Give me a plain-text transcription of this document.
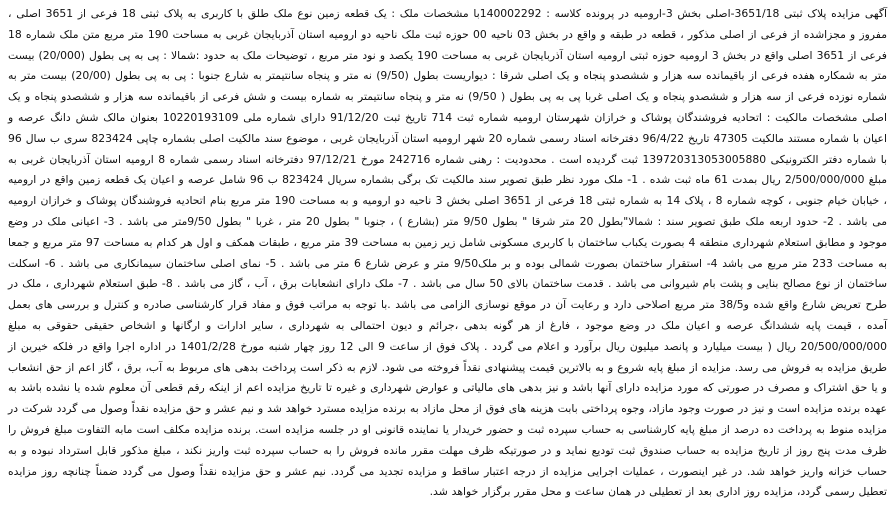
آگهی مزایده پلاک ثبتی 3651/18-اصلی بخش 3-ارومیه در پرونده کلاسه : 140002292با مشخصات ملک : یک قطعه زمین نوع ملک طلق با کاربری به پلاک ثبتی 18 فرعی از 3651 اصلی ، مفروز و مجزاشده از فرعی از اصلی مذکور ، قطعه در طبقه و واقع در بخش 03 ناحیه 00 حوزه ثبت ملک ناحیه دو ارومیه استان آذربایجان غربی به مساحت 190 متر مربع متن ملک شماره 18 فرعی از 3651 اصلی واقع در بخش 3 ارومیه حوزه ثبتی ارومیه استان آذربایجان غربی به مساحت 190 یکصد و نود متر مربع ، توضیحات ملک به حدود :شمالا : پی به پی بطول (20/000) بیست متر به شمکاره هفده فرعی از باقیمانده سه هزار و ششصدو پنجاه و یک اصلی شرقا : دیواریست بطول (9/50) نه متر و پنجاه سانتیمتر به شارع جنوبا : پی به پی بطول (20/00) بیست متر به شماره نوزده فرعی از سه هزار و ششصدو پنجاه و یک اصلی غربا پی به پی بطول ( 9/50) نه متر و پنجاه سانتیمتر به شماره بیست و شش فرعی از باقیمانده سه هزار و ششصدو پنجاه و یک اصلی مشخصات مالکیت : اتحادیه فروشندگان پوشاک و خرازان شهرستان ارومیه شماره ثبت 714 تاریخ ثبت 91/12/20 دارای شماره ملی 10220193109 بعنوان مالک شش دانگ عرصه و اعیان با شماره مستند مالکیت 47305 تاریخ 96/4/22 دفترخانه اسناد رسمی شماره 20 شهر ارومیه استان آذربایجان غربی ، موضوع سند مالکیت اصلی بشماره چاپی 823424 سری ب سال 96 با شماره دفتر الکترونیکی 139720313053005880 ثبت گردیده است . محدودیت : رهنی شماره 242716 مورخ 97/12/21 دفترخانه اسناد رسمی شماره 8 ارومیه استان آذربایجان غربی به مبلغ 2/500/000/000 ریال بمدت 61 ماه ثبت شده . 1- ملک مورد نظر طبق تصویر سند مالکیت تک برگی بشماره سریال 823424 ب 96 شامل عرصه و اعیان یک قطعه زمین واقع در ارومیه ، خیابان خیام جنوبی ، کوچه شماره 8 ، پلاک 14 به شماره ثبتی 18 فرعی از 3651 اصلی بخش 3 ناحیه دو ارومیه و به مساحت 190 متر مربع بنام اتحادیه فروشندگان پوشاک و خرازان ارومیه می باشد . 2- حدود اربعه ملک طبق تصویر سند : شمالا"بطول 20 متر شرقا " بطول 9/50 متر (بشارع ) ، جنوبا " بطول 20 متر ، غربا " بطول 9/50متر می باشد . 3- اعیانی ملک در وضع موجود و مطابق استعلام شهرداری منطقه 4 بصورت یکباب ساختمان با کاربری مسکونی شامل زیر زمین به مساحت 39 متر مربع ، طبقات همکف و اول هر کدام به مساحت 97 متر مربع و جمعا به مساحت 233 متر مربع می باشد 4- استقرار ساختمان بصورت شمالی بوده و بر ملک9/50 متر و عرض شارع 6 متر می باشد . 5- نمای اصلی ساختمان سیمانکاری می باشد . 6- اسکلت ساختمان از نوع مصالح بنایی و پشت بام شیروانی می باشد . قدمت ساختمان بالای 50 سال می باشد . 7- ملک دارای انشعابات برق ، آب ، گاز می باشد . 8- طبق استعلام شهرداری ، ملک در طرح تعریض شارع واقع شده و38/5 متر مربع اصلاحی دارد و رعایت آن در موقع نوسازی الزامی می باشد .با توجه به مراتب فوق و مفاد قرار کارشناسی صادره و کنترل و بررسی های بعمل آمده ، قیمت پایه ششدانگ عرصه و اعیان ملک در وضع موجود ، فارغ از هر گونه بدهی ،جرائم و دیون احتمالی به شهرداری ، سایر ادارات و ارگانها و اشخاص حقیقی حقوقی به مبلغ 20/500/000/000 ریال ( بیست میلیارد و پانصد میلیون ریال برآورد و اعلام می گردد . پلاک فوق از ساعت 9 الی 12 روز چهار شنبه مورخ 1401/2/28 در اداره اجرا واقع در فلکه خیرین از طریق مزایده به فروش می رسد. مزایده از مبلغ پایه شروع و به بالاترین قیمت پیشنهادی نقداً فروخته می شود. لازم به ذکر است پرداخت بدهی های مربوط به آب، برق ، گاز اعم از حق انشعاب و یا حق اشتراک و مصرف در صورتی که مورد مزایده دارای آنها باشد و نیز بدهی های مالیاتی و عوارض شهرداری و غیره تا تاریخ مزایده اعم از اینکه رقم قطعی آن معلوم شده یا نشده باشد به عهده برنده مزایده است و نیز در صورت وجود مازاد، وجوه پرداختی بابت هزینه های فوق از محل مازاد به برنده مزایده مسترد خواهد شد و نیم عشر و حق مزایده نقداً وصول می گردد شرکت در مزایده منوط به پرداخت ده درصد از مبلغ پایه کارشناسی به حساب سپرده ثبت و حضور خریدار یا نماینده قانونی او در جلسه مزایده است. برنده مزایده مکلف است مابه التفاوت مبلغ فروش را ظرف مدت پنج روز از تاریخ مزایده به حساب صندوق ثبت تودیع نماید و در صورتیکه ظرف مهلت مقرر مانده فروش را به حساب سپرده ثبت واریز نکند ، مبلغ مذکور قابل استرداد نبوده و به حساب خزانه واریز خواهد شد. در غیر اینصورت ، عملیات اجرایی مزایده از درجه اعتبار ساقط و مزایده تجدید می گردد. نیم عشر و حق مزایده نقداً وصول می گردد ضمناً چنانچه روز مزایده تعطیل رسمی گردد، مزایده روز اداری بعد از تعطیلی در همان ساعت و محل مقرر برگزار خواهد شد.
